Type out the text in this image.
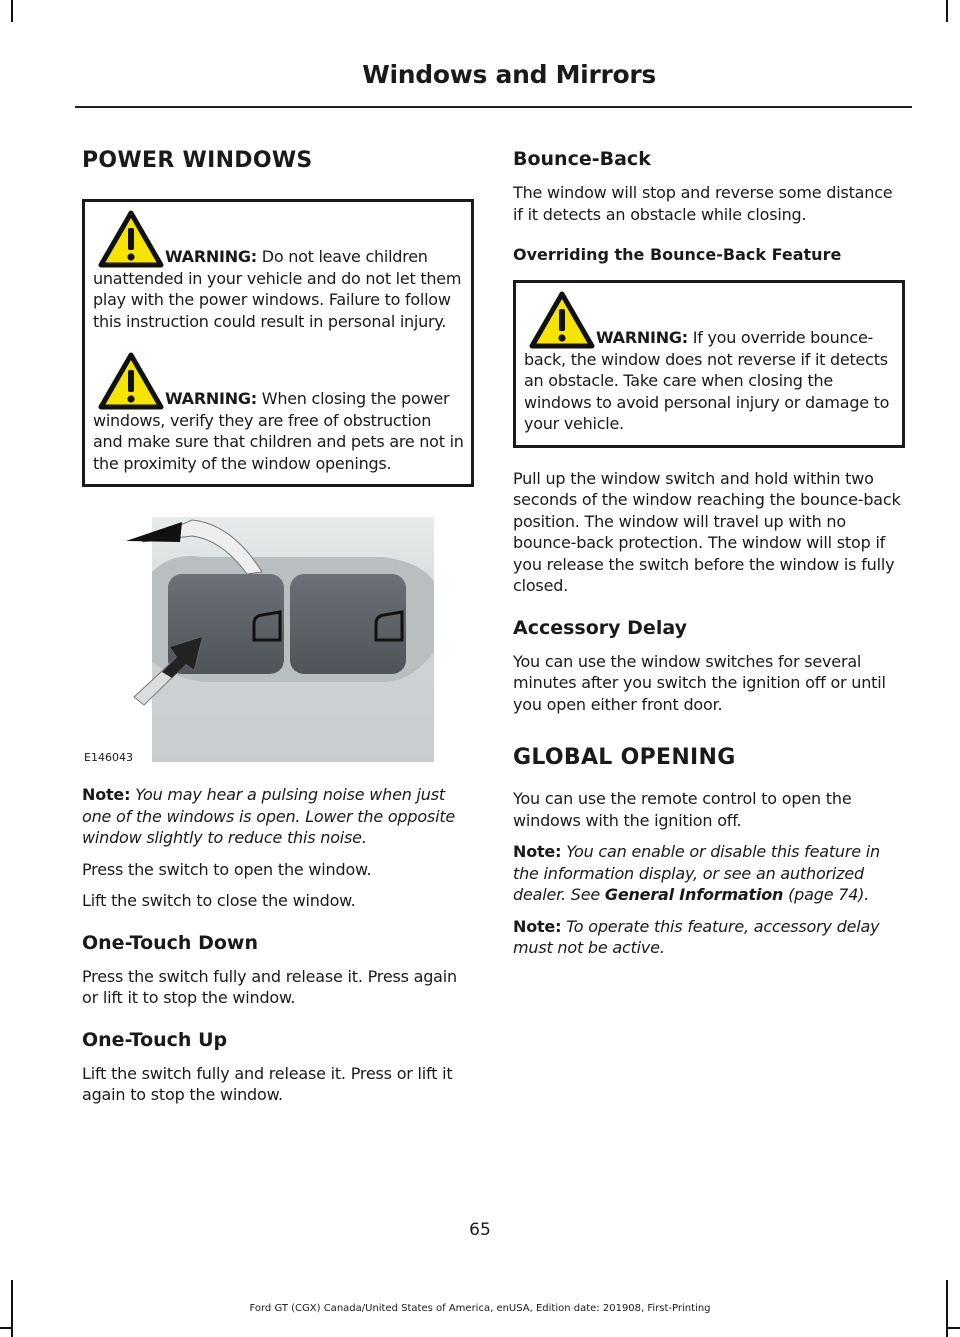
Windows and Mirrors
POWER WINDOWS
WARNING: Do not leave children unattended in your vehicle and do not let them play with the power windows. Failure to follow this instruction could result in personal injury.
WARNING: When closing the power windows, verify they are free of obstruction and make sure that children and pets are not in the proximity of the window openings.
E146043

Note: You may hear a pulsing noise when just one of the windows is open. Lower the opposite window slightly to reduce this noise.

Press the switch to open the window.

Lift the switch to close the window.

One-Touch Down

Press the switch fully and release it. Press again or lift it to stop the window.

One-Touch Up

Lift the switch fully and release it. Press or lift it again to stop the window.

Bounce-Back

The window will stop and reverse some distance if it detects an obstacle while closing.

Overriding the Bounce-Back Feature
WARNING: If you override bounce-back, the window does not reverse if it detects an obstacle. Take care when closing the windows to avoid personal injury or damage to your vehicle.

Pull up the window switch and hold within two seconds of the window reaching the bounce-back position. The window will travel up with no bounce-back protection. The window will stop if you release the switch before the window is fully closed.

Accessory Delay

You can use the window switches for several minutes after you switch the ignition off or until you open either front door.

GLOBAL OPENING

You can use the remote control to open the windows with the ignition off.

Note: You can enable or disable this feature in the information display, or see an authorized dealer. See General Information (page 74).

Note: To operate this feature, accessory delay must not be active.

65
Ford GT (CGX) Canada/United States of America, enUSA, Edition date: 201908, First-Printing
